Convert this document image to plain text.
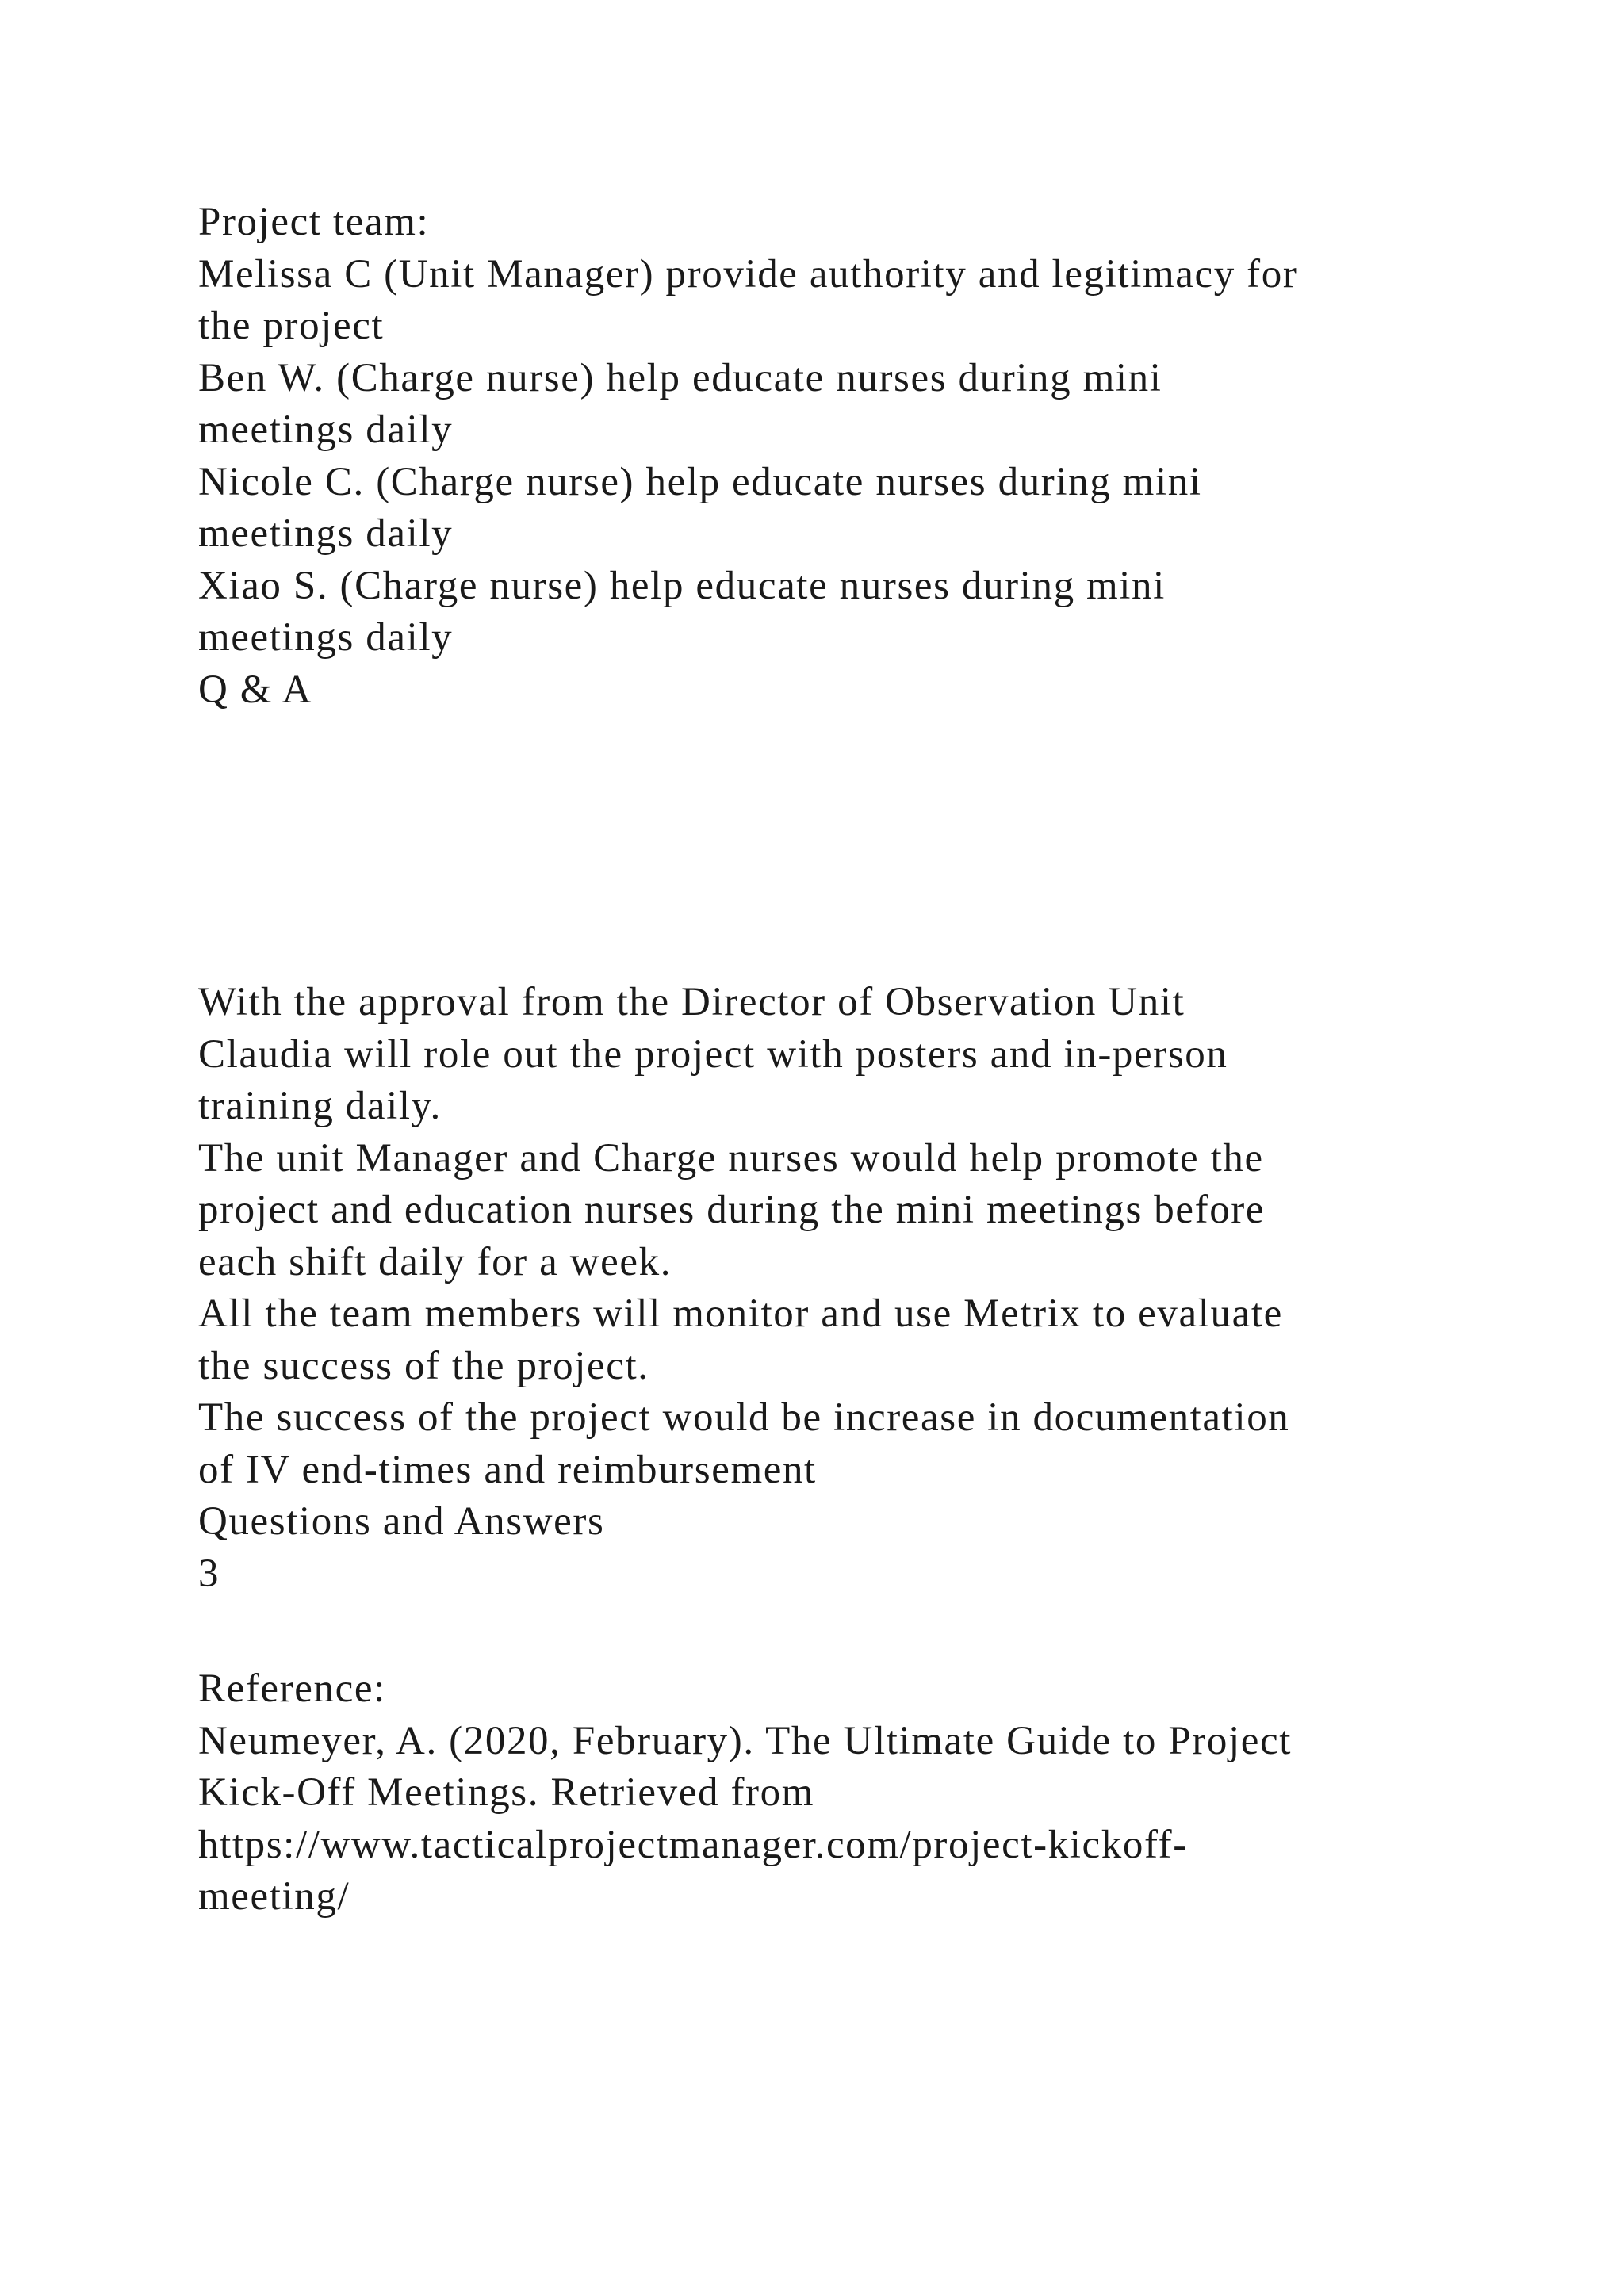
Project team:
Melissa C (Unit Manager) provide authority and legitimacy for
the project
Ben W. (Charge nurse) help educate nurses during mini
meetings daily
Nicole C. (Charge nurse) help educate nurses during mini
meetings daily
Xiao S. (Charge nurse) help educate nurses during mini
meetings daily
Q & A
With the approval from the Director of Observation Unit
Claudia will role out the project with posters and in-person
training daily.
The unit Manager and Charge nurses would help promote the
project and education nurses during the mini meetings before
each shift daily for a week.
All the team members will monitor and use Metrix to evaluate
the success of the project.
The success of the project would be increase in documentation
of IV end-times and reimbursement
Questions and Answers
3
Reference:
Neumeyer, A. (2020, February). The Ultimate Guide to Project
Kick-Off Meetings. Retrieved from
https://www.tacticalprojectmanager.com/project-kickoff-
meeting/
